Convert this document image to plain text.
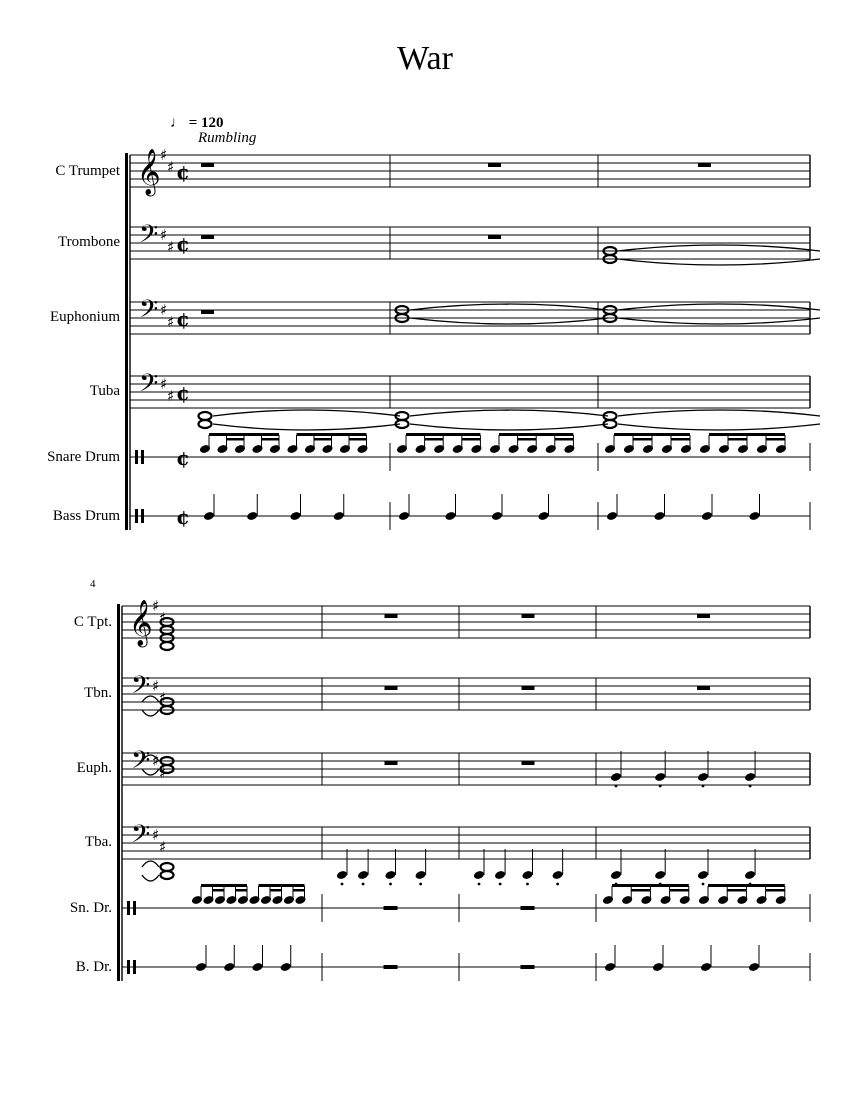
War
♩ = 120
Rumbling
4
C Trumpet
Trombone
Euphonium
Tuba
Snare Drum
Bass Drum
C Tpt.
Tbn.
Euph.
Tba.
Sn. Dr.
B. Dr.
𝄞 ♯
♯ ¢
𝄢 ♯
♯ ¢
𝄢 ♯
♯ ¢
𝄢 ♯
♯ ¢
¢
¢
𝄞 ♯
♯
𝄢 ♯
♯
𝄢 ♯
♯
𝄢 ♯
♯
